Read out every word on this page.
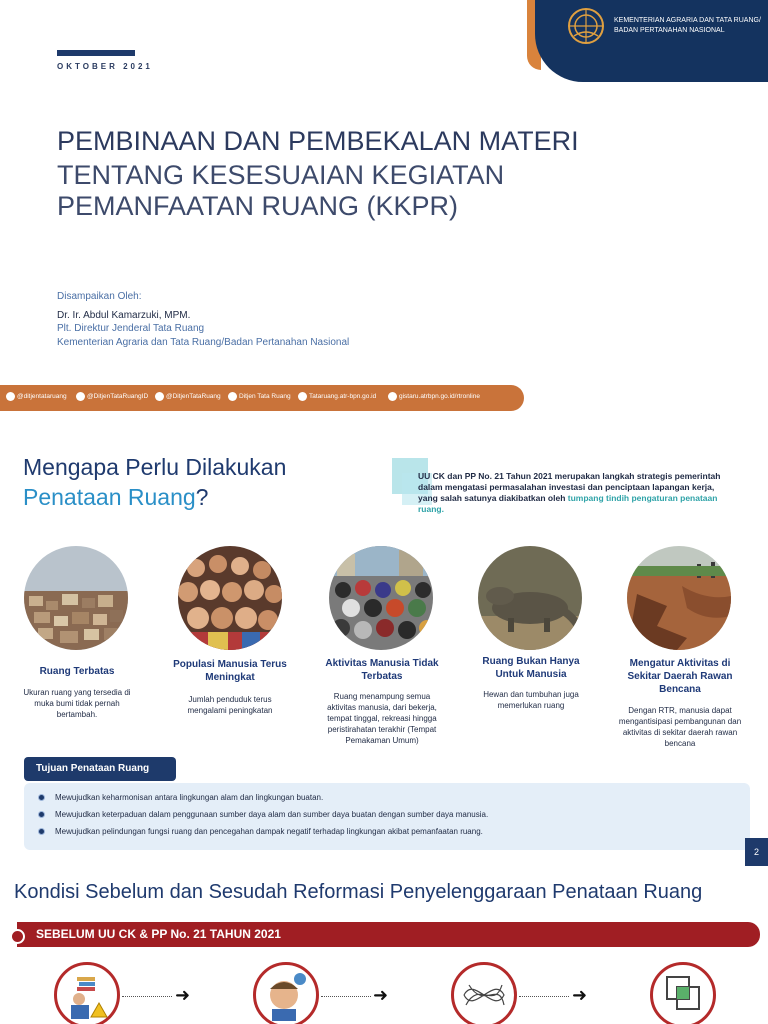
KEMENTERIAN AGRARIA DAN TATA RUANG/
BADAN PERTANAHAN NASIONAL
OKTOBER 2021
PEMBINAAN DAN PEMBEKALAN MATERI
TENTANG KESESUAIAN KEGIATAN
PEMANFAATAN RUANG (KKPR)
Disampaikan Oleh:
Dr. Ir. Abdul Kamarzuki, MPM.
Plt. Direktur Jenderal Tata Ruang
Kementerian Agraria dan Tata Ruang/Badan Pertanahan Nasional
@ditjentataruang	@DitjenTataRuangID	@DitjenTataRuang	Ditjen Tata Ruang	Tataruang.atr-bpn.go.id	gistaru.atrbpn.go.id/rtronline
Mengapa Perlu Dilakukan
Penataan Ruang?
UU CK dan PP No. 21 Tahun 2021 merupakan langkah strategis pemerintah dalam mengatasi permasalahan investasi dan penciptaan lapangan kerja, yang salah satunya diakibatkan oleh tumpang tindih pengaturan penataan ruang.
Ruang Terbatas
Ukuran ruang yang tersedia di muka bumi tidak pernah bertambah.
Populasi Manusia Terus Meningkat
Jumlah penduduk terus mengalami peningkatan
Aktivitas Manusia Tidak Terbatas
Ruang menampung semua aktivitas manusia, dari bekerja, tempat tinggal, rekreasi hingga peristirahatan terakhir (Tempat Pemakaman Umum)
Ruang Bukan Hanya Untuk Manusia
Hewan dan tumbuhan juga memerlukan ruang
Mengatur Aktivitas di Sekitar Daerah Rawan Bencana
Dengan RTR, manusia dapat mengantisipasi pembangunan dan aktivitas di sekitar daerah rawan bencana
Mewujudkan keharmonisan antara lingkungan alam dan lingkungan buatan.
Mewujudkan keterpaduan dalam penggunaan sumber daya alam dan sumber daya buatan dengan sumber daya manusia.
Mewujudkan pelindungan fungsi ruang dan pencegahan dampak negatif terhadap lingkungan akibat pemanfaatan ruang.
Tujuan Penataan Ruang
2
Kondisi Sebelum dan Sesudah Reformasi Penyelenggaraan Penataan Ruang
SEBELUM UU CK & PP No. 21 TAHUN 2021
➜	➜	➜
